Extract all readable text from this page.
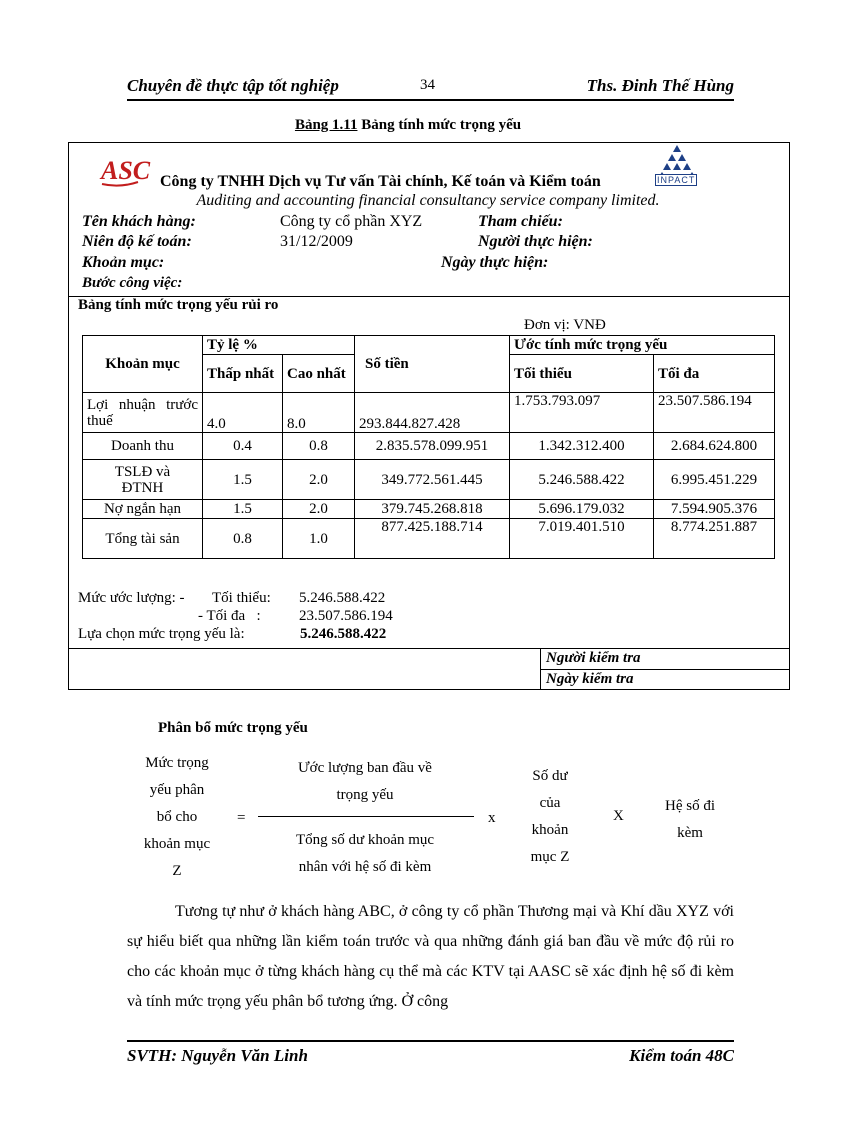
Chuyên đề thực tập tốt nghiệp	34	Ths. Đinh Thế Hùng
Bảng 1.11 Bảng tính mức trọng yếu
ASC Công ty TNHH Dịch vụ Tư vấn Tài chính, Kế toán và Kiểm toán	INPACT
Auditing and accounting financial consultancy service company limited.
Tên khách hàng:	Công ty cổ phần XYZ	Tham chiếu:
Niên độ kế toán:	31/12/2009	Người thực hiện:
Khoản mục:	Ngày thực hiện:
Bước công việc:
Bảng tính mức trọng yếu rủi ro
Đơn vị: VNĐ
Khoản mục	Tỷ lệ %		Số tiền	Ước tính mức trọng yếu	
	Thấp nhất	Cao nhất		Tối thiểu	Tối đa
Lợi nhuận trước thuế	4.0	8.0	293.844.827.428	1.753.793.097	23.507.586.194
Doanh thu	0.4	0.8	2.835.578.099.951	1.342.312.400	2.684.624.800
TSLĐ và ĐTNH	1.5	2.0	349.772.561.445	5.246.588.422	6.995.451.229
Nợ ngắn hạn	1.5	2.0	379.745.268.818	5.696.179.032	7.594.905.376
Tổng tài sản	0.8	1.0	877.425.188.714	7.019.401.510	8.774.251.887
Mức ước lượng: - Tối thiểu: 5.246.588.422
- Tối đa   :	23.507.586.194
Lựa chọn mức trọng yếu là:	5.246.588.422
Người kiểm tra
Ngày kiểm tra
Phân bổ mức trọng yếu
Mức trọng
yếu phân
bổ cho
khoản mục
Z
=
Ước lượng ban đầu về
trọng yếu
Tổng số dư khoản mục
nhân với hệ số đi kèm
x
Số dư
của
khoản
mục Z
X
Hệ số đi
kèm
Tương tự như ở khách hàng ABC, ở công ty cổ phần Thương mại và Khí dầu XYZ với sự hiểu biết qua những lần kiểm toán trước và qua những đánh giá ban đầu về mức độ rủi ro cho các khoản mục ở từng khách hàng cụ thể mà các KTV tại AASC sẽ xác định hệ số đi kèm và tính mức trọng yếu phân bổ tương ứng. Ở công
SVTH: Nguyễn Văn Linh	Kiểm toán 48C
